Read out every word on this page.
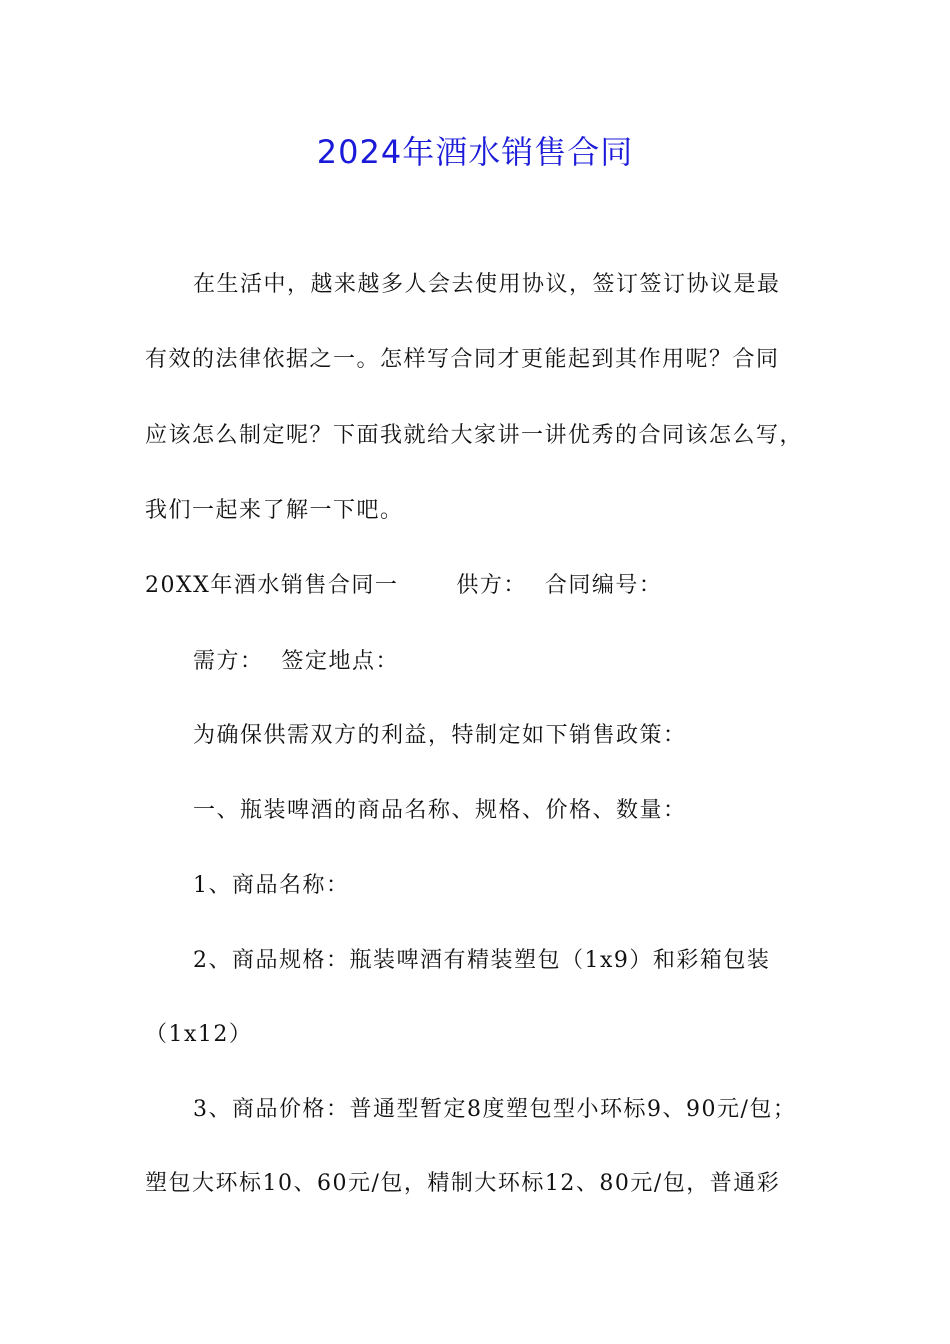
2024年酒水销售合同
在生活中，越来越多人会去使用协议，签订签订协议是最
有效的法律依据之一。怎样写合同才更能起到其作用呢？合同
应该怎么制定呢？下面我就给大家讲一讲优秀的合同该怎么写，
我们一起来了解一下吧。
20XX年酒水销售合同一	供方： 合同编号：
需方： 签定地点：
为确保供需双方的利益，特制定如下销售政策：
一、瓶装啤酒的商品名称、规格、价格、数量：
1、商品名称：
2、商品规格：瓶装啤酒有精装塑包（1x9）和彩箱包装
（1x12）
3、商品价格：普通型暂定8度塑包型小环标9、90元/包；
塑包大环标10、60元/包，精制大环标12、80元/包，普通彩
